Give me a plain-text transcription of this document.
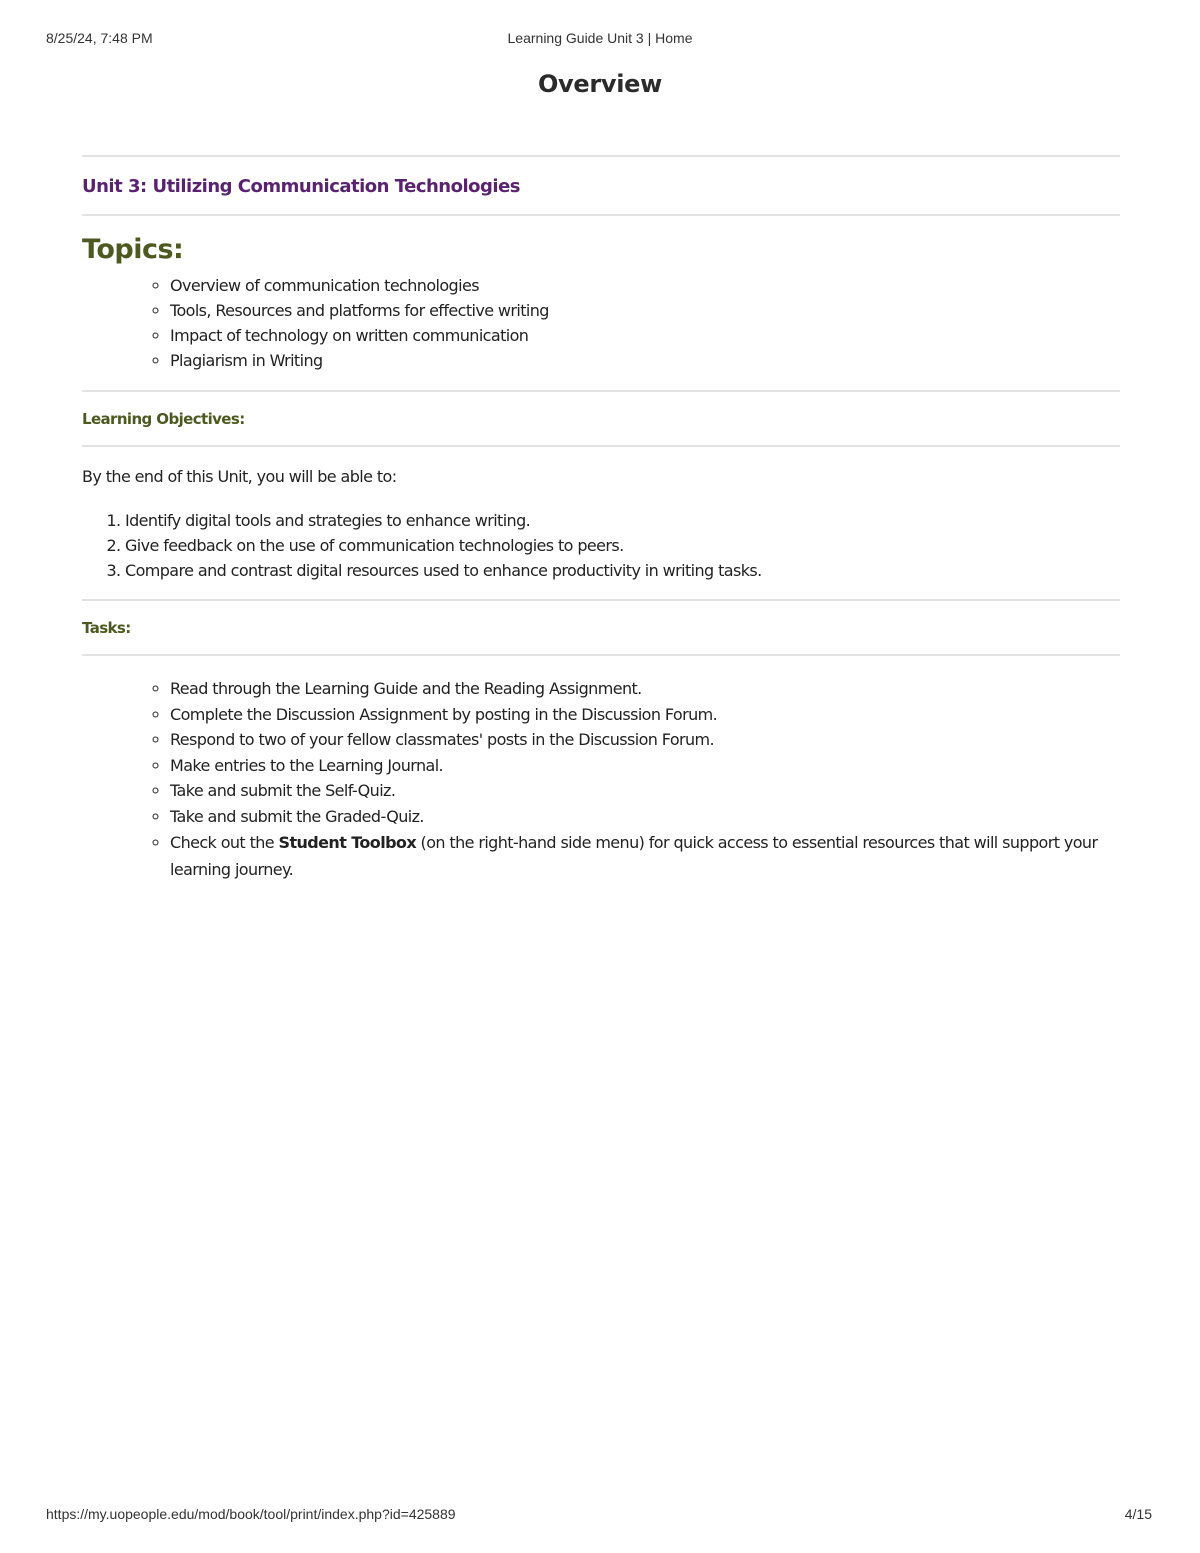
8/25/24, 7:48 PM	Learning Guide Unit 3 | Home
Overview
Unit 3: Utilizing Communication Technologies
Topics:
◦ Overview of communication technologies
◦ Tools, Resources and platforms for effective writing
◦ Impact of technology on written communication
◦ Plagiarism in Writing
Learning Objectives:
By the end of this Unit, you will be able to:
1. Identify digital tools and strategies to enhance writing.
2. Give feedback on the use of communication technologies to peers.
3. Compare and contrast digital resources used to enhance productivity in writing tasks.
Tasks:
◦ Read through the Learning Guide and the Reading Assignment.
◦ Complete the Discussion Assignment by posting in the Discussion Forum.
◦ Respond to two of your fellow classmates' posts in the Discussion Forum.
◦ Make entries to the Learning Journal.
◦ Take and submit the Self-Quiz.
◦ Take and submit the Graded-Quiz.
◦ Check out the Student Toolbox (on the right-hand side menu) for quick access to essential resources that will support your learning journey.
https://my.uopeople.edu/mod/book/tool/print/index.php?id=425889	4/15
